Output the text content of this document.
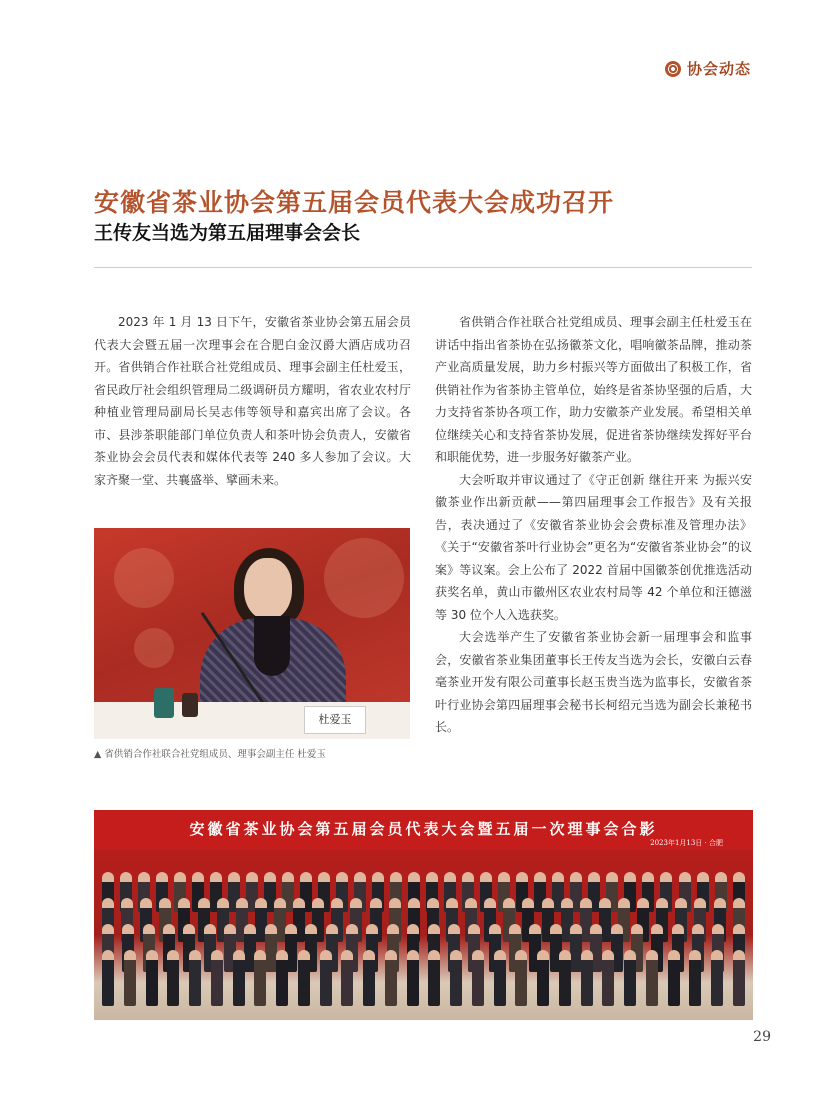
协会动态
安徽省茶业协会第五届会员代表大会成功召开
王传友当选为第五届理事会会长

2023 年 1 月 13 日下午，安徽省茶业协会第五届会员代表大会暨五届一次理事会在合肥白金汉爵大酒店成功召开。省供销合作社联合社党组成员、理事会副主任杜爱玉，省民政厅社会组织管理局二级调研员方耀明，省农业农村厅种植业管理局副局长吴志伟等领导和嘉宾出席了会议。各市、县涉茶职能部门单位负责人和茶叶协会负责人，安徽省茶业协会会员代表和媒体代表等 240 多人参加了会议。大家齐聚一堂、共襄盛举、擘画未来。

杜爱玉
▲ 省供销合作社联合社党组成员、理事会副主任 杜爱玉

省供销合作社联合社党组成员、理事会副主任杜爱玉在讲话中指出省茶协在弘扬徽茶文化，唱响徽茶品牌，推动茶产业高质量发展，助力乡村振兴等方面做出了积极工作，省供销社作为省茶协主管单位，始终是省茶协坚强的后盾，大力支持省茶协各项工作，助力安徽茶产业发展。希望相关单位继续关心和支持省茶协发展，促进省茶协继续发挥好平台和职能优势，进一步服务好徽茶产业。

大会听取并审议通过了《守正创新 继往开来 为振兴安徽茶业作出新贡献——第四届理事会工作报告》及有关报告，表决通过了《安徽省茶业协会会费标准及管理办法》《关于“安徽省茶叶行业协会”更名为“安徽省茶业协会”的议案》等议案。会上公布了 2022 首届中国徽茶创优推选活动获奖名单，黄山市徽州区农业农村局等 42 个单位和汪德滋等 30 位个人入选获奖。

大会选举产生了安徽省茶业协会新一届理事会和监事会，安徽省茶业集团董事长王传友当选为会长，安徽白云春毫茶业开发有限公司董事长赵玉贵当选为监事长，安徽省茶叶行业协会第四届理事会秘书长柯绍元当选为副会长兼秘书长。

安徽省茶业协会第五届会员代表大会暨五届一次理事会合影
2023年1月13日 · 合肥
29
